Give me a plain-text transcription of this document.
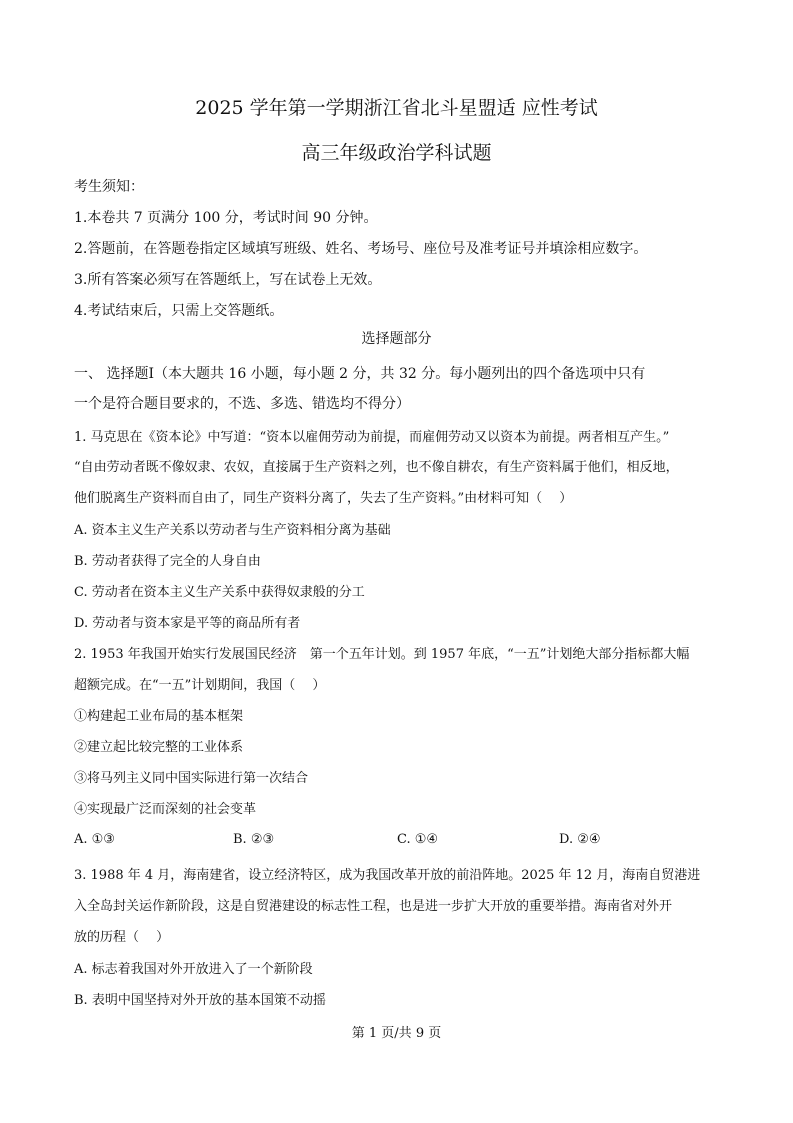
2025 学年第一学期浙江省北斗星盟适 应性考试
高三年级政治学科试题
考生须知：
1.本卷共 7 页满分 100 分，考试时间 90 分钟。
2.答题前，在答题卷指定区域填写班级、姓名、考场号、座位号及准考证号并填涂相应数字。
3.所有答案必须写在答题纸上，写在试卷上无效。
4.考试结束后，只需上交答题纸。
选择题部分
一、 选择题Ⅰ（本大题共 16 小题，每小题 2 分，共 32 分。每小题列出的四个备选项中只有
一个是符合题目要求的，不选、多选、错选均不得分）
1. 马克思在《资本论》中写道：“资本以雇佣劳动为前提，而雇佣劳动又以资本为前提。两者相互产生。”
“自由劳动者既不像奴隶、农奴，直接属于生产资料之列，也不像自耕农，有生产资料属于他们，相反地，
他们脱离生产资料而自由了，同生产资料分离了，失去了生产资料。”由材料可知（　 ）
A. 资本主义生产关系以劳动者与生产资料相分离为基础
B. 劳动者获得了完全的人身自由
C. 劳动者在资本主义生产关系中获得奴隶般的分工
D. 劳动者与资本家是平等的商品所有者
2. 1953 年我国开始实行发展国民经济　第一个五年计划。到 1957 年底，“一五”计划绝大部分指标都大幅
超额完成。在“一五”计划期间，我国（　 ）
①构建起工业布局的基本框架
②建立起比较完整的工业体系
③将马列主义同中国实际进行第一次结合
④实现最广泛而深刻的社会变革
A. ①③	B. ②③	C. ①④	D. ②④
3. 1988 年 4 月，海南建省，设立经济特区，成为我国改革开放的前沿阵地。2025 年 12 月，海南自贸港进
入全岛封关运作新阶段，这是自贸港建设的标志性工程，也是进一步扩大开放的重要举措。海南省对外开
放的历程（　 ）
A. 标志着我国对外开放进入了一个新阶段
B. 表明中国坚持对外开放的基本国策不动摇
第 1 页/共 9 页
